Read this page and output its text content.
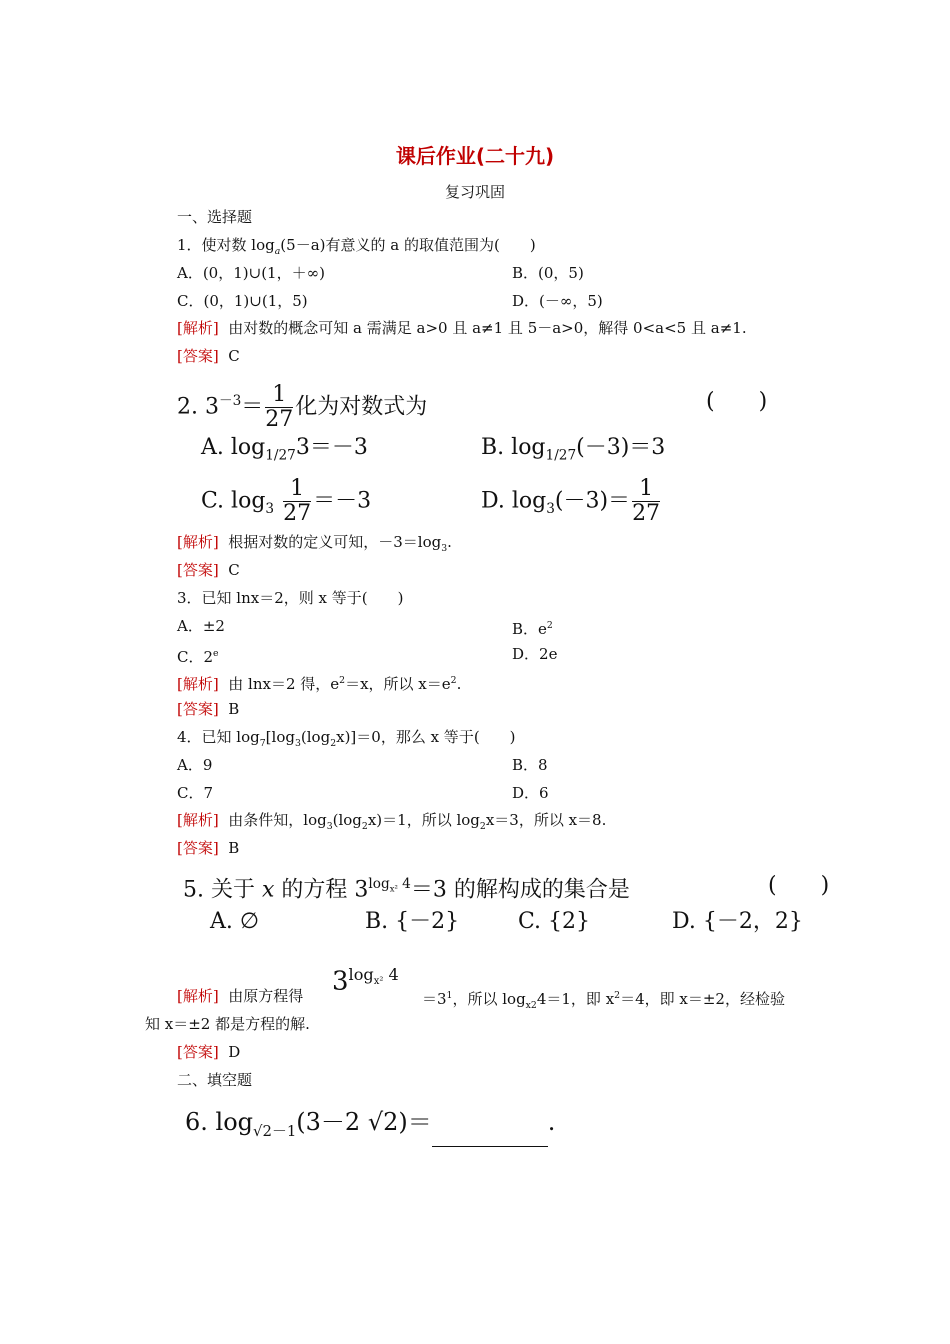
课后作业(二十九)
复习巩固
一、选择题
1．使对数 $\log_a(5-a)$有意义的 a 的取值范围为(　　)
A．(0，1)∪(1，＋∞)	B．(0，5)
C．(0，1)∪(1，5)	D．(－∞，5)
[解析] 由对数的概念可知 a 需满足 a>0 且 a≠1 且 5－a>0，解得 0<a<5 且 a≠1.
[答案] C
2. $3^{-3}= \frac{1}{27}$ 化为对数式为	(　　)
A. $\log_{1/27}3=-3$	B. $\log_{1/27}(-3)=3$
C. $\log_3 \frac{1}{27} =-3$	D. $\log_3(-3)= \frac{1}{27}$
[解析] 根据对数的定义可知，$-3=\log_3$.
[答案] C
3．已知 lnx＝2，则 x 等于(　　)
A．±2	B．$e^2$
C．2e	D．2e
[解析] 由 lnx＝2 得，$e^2=x$，所以 $x=e^2$.
[答案] B
4．已知 $\log_7[\log_3(\log_2x)]=0$，那么 x 等于(　　)
A．9	B．8
C．7	D．6
[解析] 由条件知，$\log_3(\log_2x)=1$，所以 $\log_2x=3$，所以 x＝8.
[答案] B
5. 关于 x 的方程 $3^{log_{x^2} 4}=3$ 的解构成的集合是	(　　)
A. ∅	B. {－2}	C. {2}	D. {－2，2}
$3^{log_{x^2} 4}$
[解析] 由原方程得	$=3^1$，所以 $\log_{x2}4=1$，即 $x^2=4$，即 x＝±2，经检验
知 x＝±2 都是方程的解.
[答案] D
二、填空题
6. $\log_{√2-1}(3-2$ √2)＝	.
